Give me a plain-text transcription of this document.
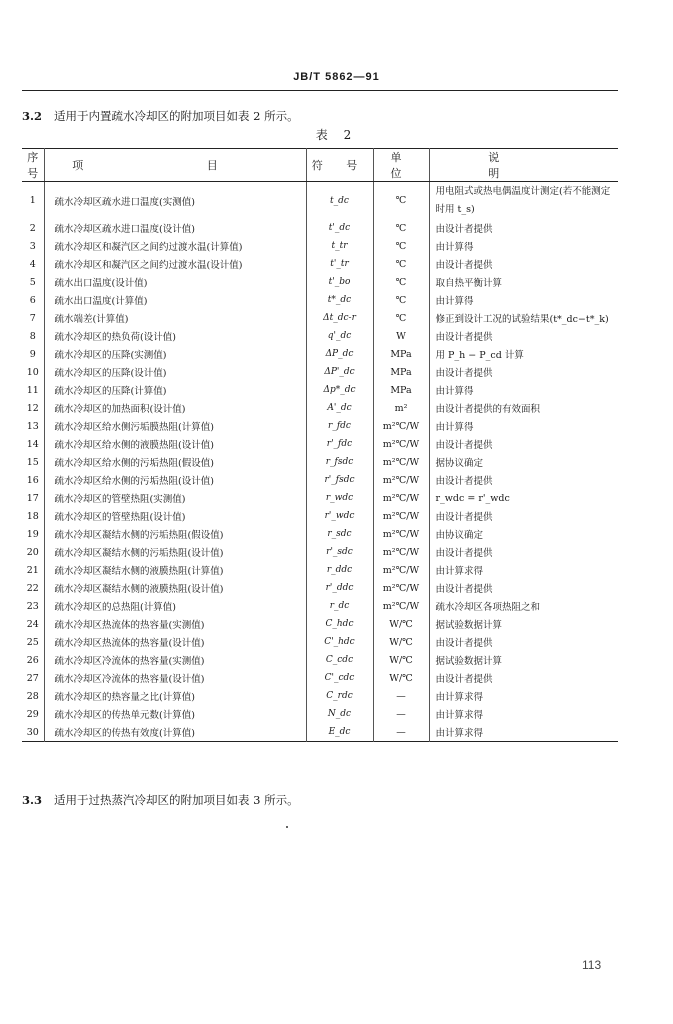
JB/T 5862—91
3.2 适用于内置疏水冷却区的附加项目如表 2 所示。
表 2
序号	项 目	符 号	单 位	说 明
1	疏水冷却区疏水进口温度(实测值)	t_dc	℃	用电阻式或热电偶温度计测定(若不能测定时用 t_s)
2	疏水冷却区疏水进口温度(设计值)	t'_dc	℃	由设计者提供
3	疏水冷却区和凝汽区之间约过渡水温(计算值)	t_tr	℃	由计算得
4	疏水冷却区和凝汽区之间约过渡水温(设计值)	t'_tr	℃	由设计者提供
5	疏水出口温度(设计值)	t'_bo	℃	取自热平衡计算
6	疏水出口温度(计算值)	t*_dc	℃	由计算得
7	疏水端差(计算值)	Δt_dc-r	℃	修正到设计工况的试验结果(t*_dc−t*_k)
8	疏水冷却区的热负荷(设计值)	q'_dc	W	由设计者提供
9	疏水冷却区的压降(实测值)	ΔP_dc	MPa	用 P_h − P_cd 计算
10	疏水冷却区的压降(设计值)	ΔP'_dc	MPa	由设计者提供
11	疏水冷却区的压降(计算值)	Δp*_dc	MPa	由计算得
12	疏水冷却区的加热面积(设计值)	A'_dc	m²	由设计者提供的有效面积
13	疏水冷却区给水侧污垢膜热阻(计算值)	r_fdc	m²℃/W	由计算得
14	疏水冷却区给水侧的液膜热阻(设计值)	r'_fdc	m²℃/W	由设计者提供
15	疏水冷却区给水侧的污垢热阻(假设值)	r_fsdc	m²℃/W	据协议确定
16	疏水冷却区给水侧的污垢热阻(设计值)	r'_fsdc	m²℃/W	由设计者提供
17	疏水冷却区的管壁热阻(实测值)	r_wdc	m²℃/W	r_wdc = r'_wdc
18	疏水冷却区的管壁热阻(设计值)	r'_wdc	m²℃/W	由设计者提供
19	疏水冷却区凝结水侧的污垢热阻(假设值)	r_sdc	m²℃/W	由协议确定
20	疏水冷却区凝结水侧的污垢热阻(设计值)	r'_sdc	m²℃/W	由设计者提供
21	疏水冷却区凝结水侧的液膜热阻(计算值)	r_ddc	m²℃/W	由计算求得
22	疏水冷却区凝结水侧的液膜热阻(设计值)	r'_ddc	m²℃/W	由设计者提供
23	疏水冷却区的总热阻(计算值)	r_dc	m²℃/W	疏水冷却区各项热阻之和
24	疏水冷却区热流体的热容量(实测值)	C_hdc	W/℃	据试验数据计算
25	疏水冷却区热流体的热容量(设计值)	C'_hdc	W/℃	由设计者提供
26	疏水冷却区冷流体的热容量(实测值)	C_cdc	W/℃	据试验数据计算
27	疏水冷却区冷流体的热容量(设计值)	C'_cdc	W/℃	由设计者提供
28	疏水冷却区的热容量之比(计算值)	C_rdc	—	由计算求得
29	疏水冷却区的传热单元数(计算值)	N_dc	—	由计算求得
30	疏水冷却区的传热有效度(计算值)	E_dc	—	由计算求得
3.3 适用于过热蒸汽冷却区的附加项目如表 3 所示。
113
